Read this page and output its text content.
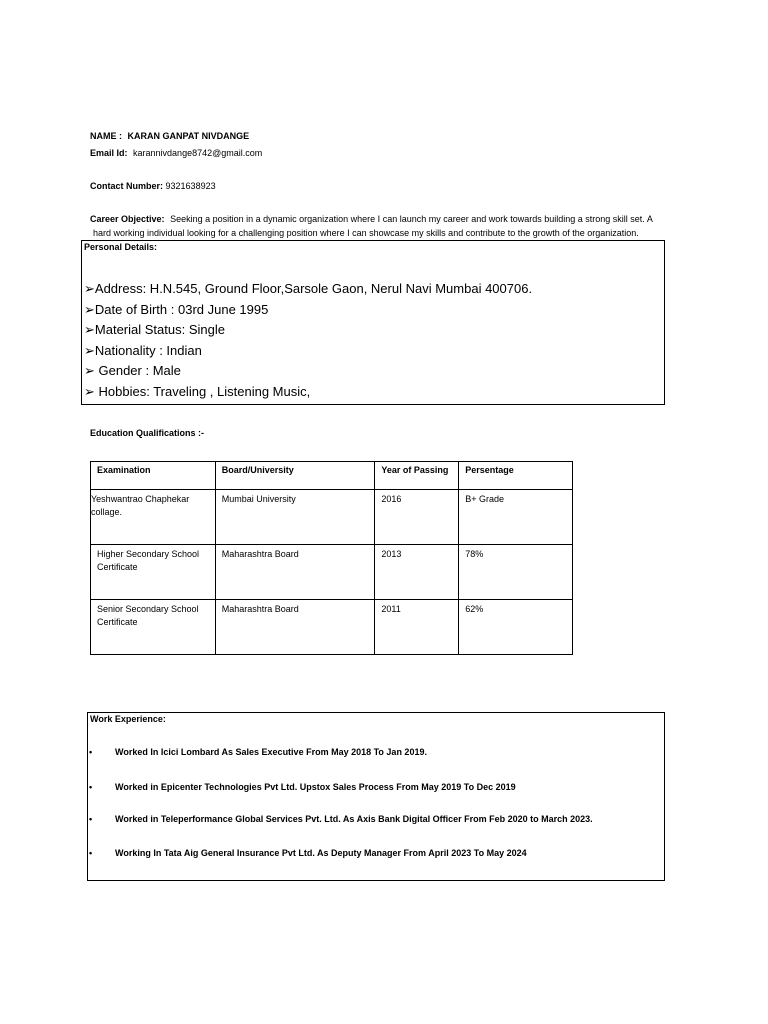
NAME : KARAN GANPAT NIVDANGE
Email Id: karannivdange8742@gmail.com
Contact Number: 9321638923
Career Objective: Seeking a position in a dynamic organization where I can launch my career and work towards building a strong skill set. A
hard working individual looking for a challenging position where I can showcase my skills and contribute to the growth of the organization.
Personal Details:
➢Address: H.N.545, Ground Floor,Sarsole Gaon, Nerul Navi Mumbai 400706.
➢Date of Birth : 03rd June 1995
➢Material Status: Single
➢Nationality : Indian
➢ Gender : Male
➢ Hobbies: Traveling , Listening Music,
Education Qualifications :-
Examination	Board/University	Year of Passing	Persentage
Yeshwantrao Chaphekar collage.	Mumbai University	2016	B+ Grade
Higher Secondary School Certificate	Maharashtra Board	2013	78%
Senior Secondary School Certificate	Maharashtra Board	2011	62%
Work Experience:
•	Worked In Icici Lombard As Sales Executive From May 2018 To Jan 2019.
•	Worked in Epicenter Technologies Pvt Ltd. Upstox Sales Process From May 2019 To Dec 2019
•	Worked in Teleperformance Global Services Pvt. Ltd. As Axis Bank Digital Officer From Feb 2020 to March 2023.
•	Working In Tata Aig General Insurance Pvt Ltd. As Deputy Manager From April 2023 To May 2024
